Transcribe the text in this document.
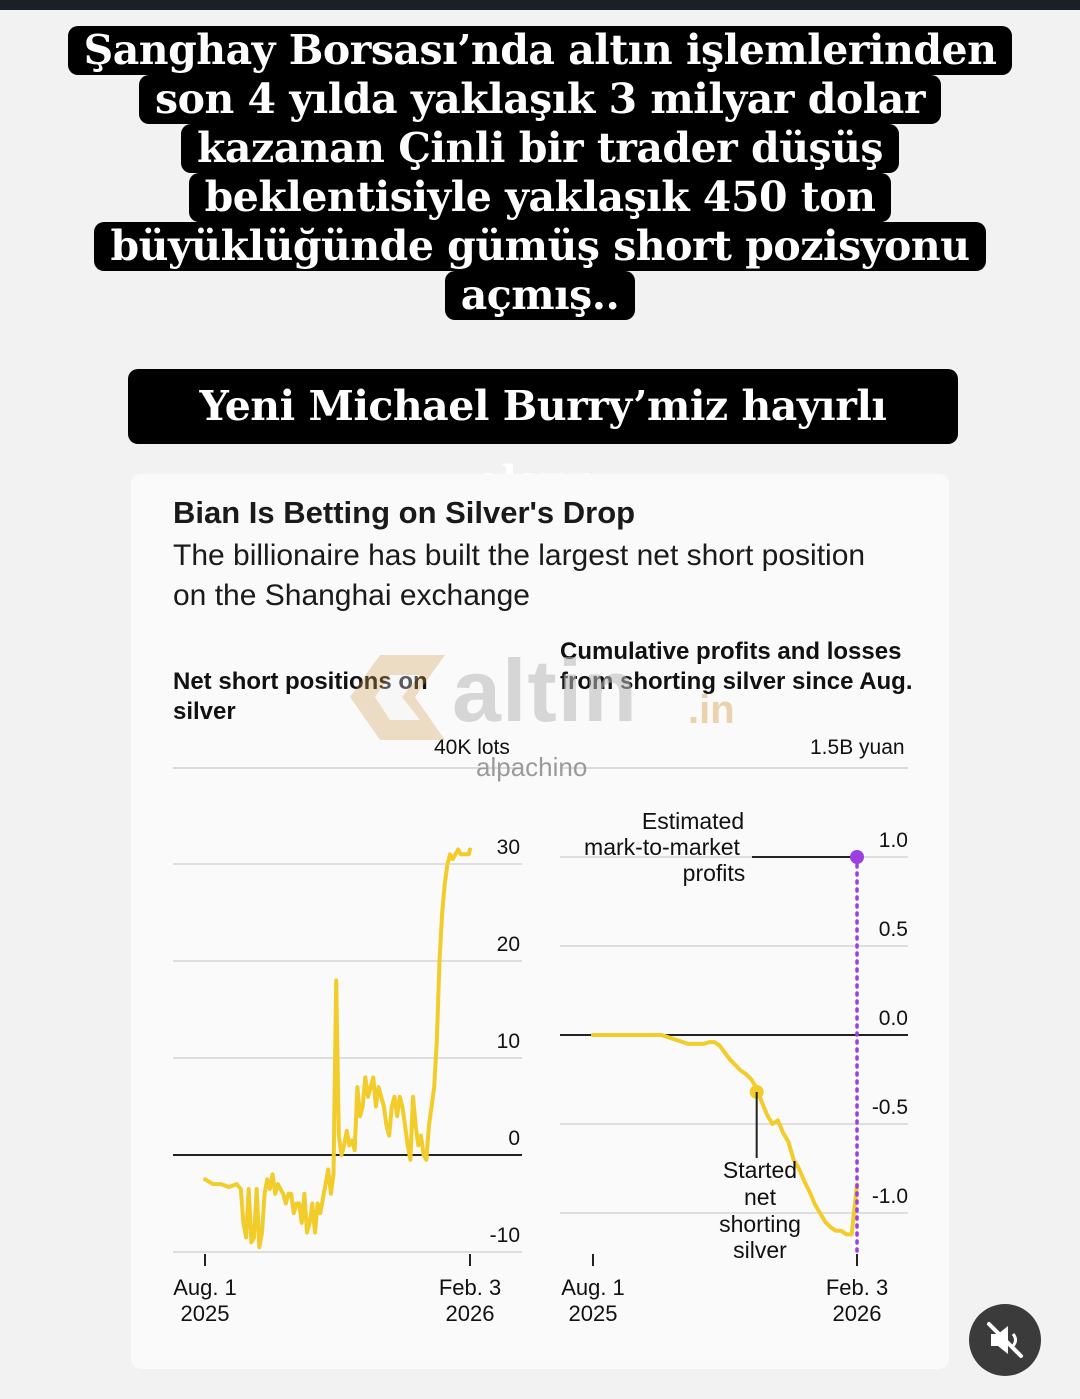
Şanghay Borsası’nda altın işlemlerinden
son 4 yılda yaklaşık 3 milyar dolar
kazanan Çinli bir trader düşüş
beklentisiyle yaklaşık 450 ton
büyüklüğünde gümüş short pozisyonu
açmış..
Yeni Michael Burry’miz hayırlı
Bian Is Betting on Silver's Drop
The billionaire has built the largest net short position on the Shanghai exchange
Net short positions on silver
Cumulative profits and losses from shorting silver since Aug.
40K lots	1.5B yuan
30
20
10
0
-10
Aug. 1
2025
Feb. 3
2026
1.0
0.5
0.0
-0.5
-1.0
Aug. 1
2025
Feb. 3
2026
Started
net
shorting
silver
Estimated
mark-to-market
profits
altin .in
alpachino
